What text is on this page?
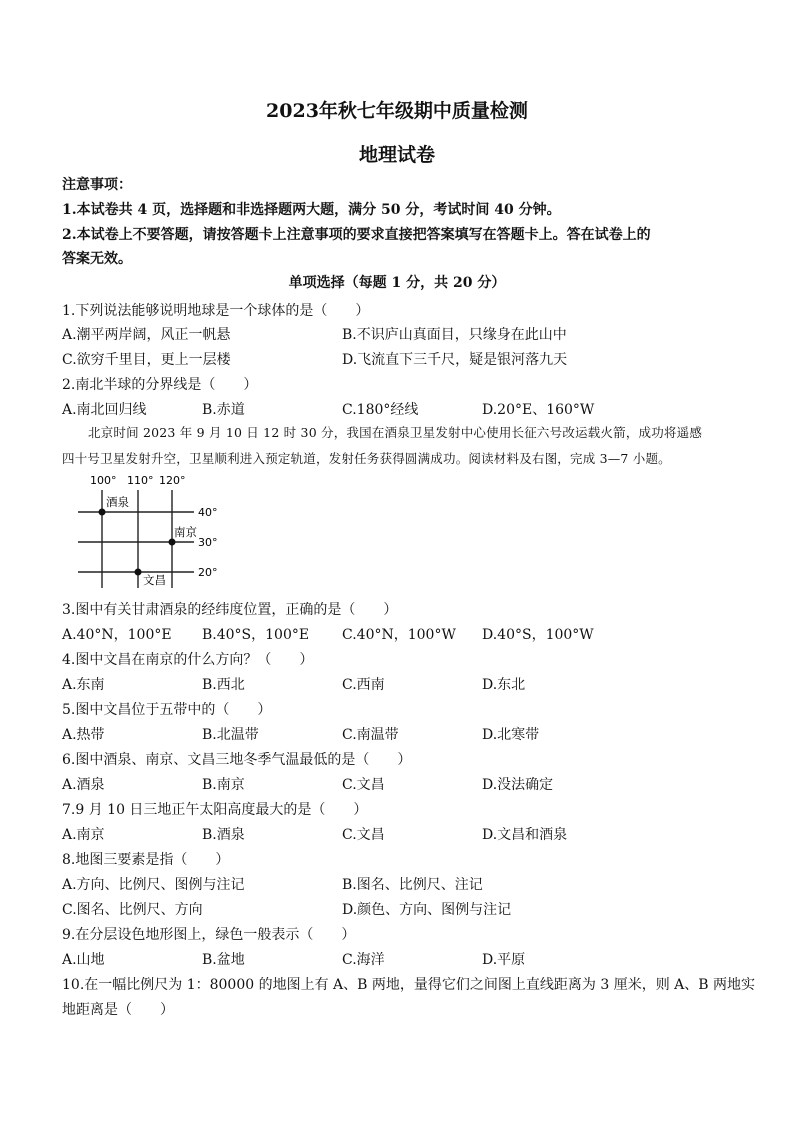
2023年秋七年级期中质量检测
地理试卷
注意事项：
1.本试卷共 4 页，选择题和非选择题两大题，满分 50 分，考试时间 40 分钟。
2.本试卷上不要答题，请按答题卡上注意事项的要求直接把答案填写在答题卡上。答在试卷上的
答案无效。
单项选择（每题 1 分，共 20 分）
1.下列说法能够说明地球是一个球体的是（　　）
A.潮平两岸阔，风正一帆悬	B.不识庐山真面目，只缘身在此山中
C.欲穷千里目，更上一层楼	D.飞流直下三千尺，疑是银河落九天
2.南北半球的分界线是（　　）
A.南北回归线	B.赤道	C.180°经线	D.20°E、160°W
北京时间 2023 年 9 月 10 日 12 时 30 分，我国在酒泉卫星发射中心使用长征六号改运载火箭，成功将遥感
四十号卫星发射升空，卫星顺利进入预定轨道，发射任务获得圆满成功。阅读材料及右图，完成 3—7 小题。
100° 110° 120°
40°
30°
20°
酒泉
南京
文昌
3.图中有关甘肃酒泉的经纬度位置，正确的是（　　）
A.40°N，100°E B.40°S，100°E C.40°N，100°W D.40°S，100°W
4.图中文昌在南京的什么方向？（　　）
A.东南	B.西北	C.西南	D.东北
5.图中文昌位于五带中的（　　）
A.热带	B.北温带	C.南温带	D.北寒带
6.图中酒泉、南京、文昌三地冬季气温最低的是（　　）
A.酒泉	B.南京	C.文昌	D.没法确定
7.9 月 10 日三地正午太阳高度最大的是（　　）
A.南京	B.酒泉	C.文昌	D.文昌和酒泉
8.地图三要素是指（　　）
A.方向、比例尺、图例与注记	B.图名、比例尺、注记
C.图名、比例尺、方向	D.颜色、方向、图例与注记
9.在分层设色地形图上，绿色一般表示（　　）
A.山地	B.盆地	C.海洋	D.平原
10.在一幅比例尺为 1：80000 的地图上有 A、B 两地，量得它们之间图上直线距离为 3 厘米，则 A、B 两地实
地距离是（　　）
